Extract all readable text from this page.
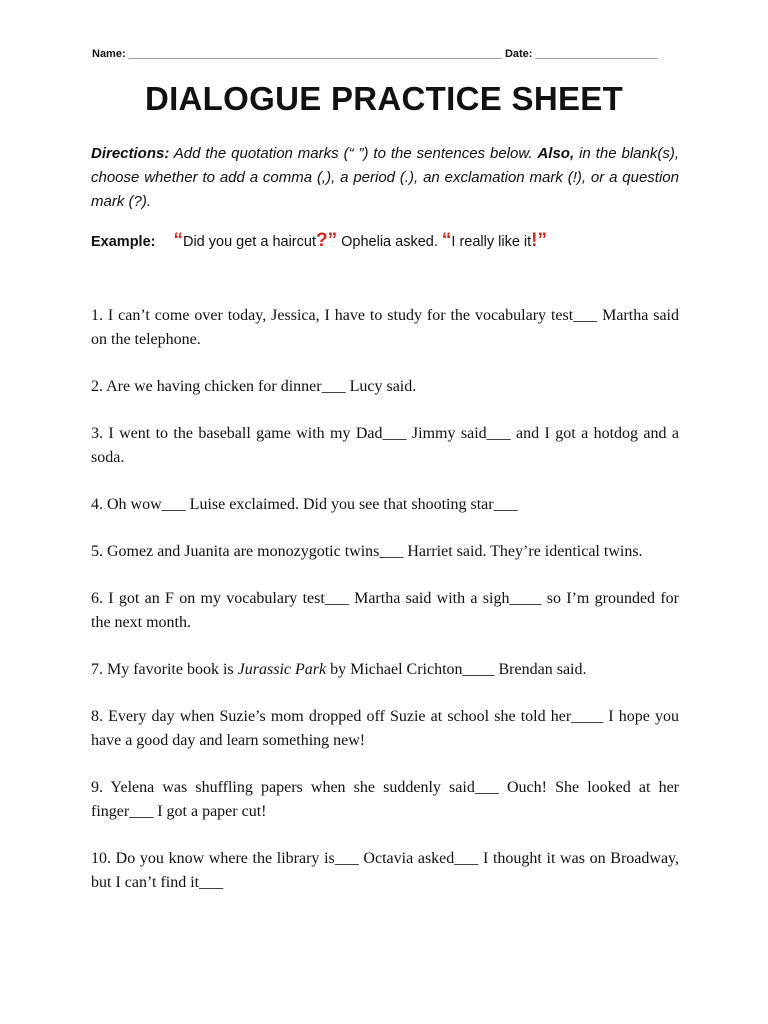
Name: _____________________________________________________________ Date: ____________________
DIALOGUE PRACTICE SHEET
Directions: Add the quotation marks (“ ”) to the sentences below. Also, in the blank(s), choose whether to add a comma (,), a period (.), an exclamation mark (!), or a question mark (?).
Example: “Did you get a haircut?” Ophelia asked. “I really like it!”

1. I can’t come over today, Jessica, I have to study for the vocabulary test___ Martha said on the telephone.

2. Are we having chicken for dinner___ Lucy said.

3. I went to the baseball game with my Dad___ Jimmy said___ and I got a hotdog and a soda.

4. Oh wow___ Luise exclaimed. Did you see that shooting star___

5. Gomez and Juanita are monozygotic twins___ Harriet said. They’re identical twins.

6. I got an F on my vocabulary test___ Martha said with a sigh____ so I’m grounded for the next month.

7. My favorite book is Jurassic Park by Michael Crichton____ Brendan said.

8. Every day when Suzie’s mom dropped off Suzie at school she told her____ I hope you have a good day and learn something new!

9. Yelena was shuffling papers when she suddenly said___ Ouch! She looked at her finger___ I got a paper cut!

10. Do you know where the library is___ Octavia asked___ I thought it was on Broadway, but I can’t find it___
